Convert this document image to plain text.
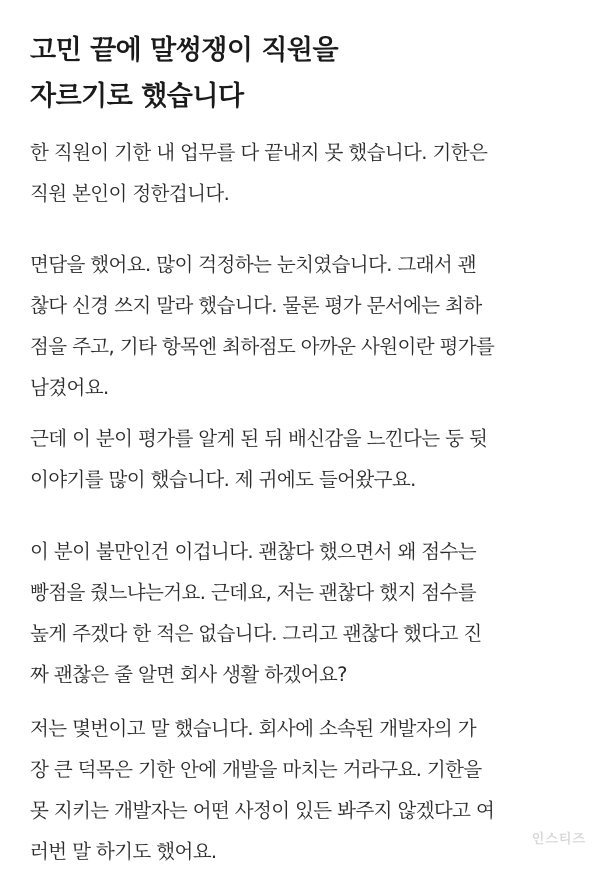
고민 끝에 말썽쟁이 직원을
자르기로 했습니다

한 직원이 기한 내 업무를 다 끝내지 못 했습니다. 기한은
직원 본인이 정한겁니다.

면담을 했어요. 많이 걱정하는 눈치였습니다. 그래서 괜
찮다 신경 쓰지 말라 했습니다. 물론 평가 문서에는 최하
점을 주고, 기타 항목엔 최하점도 아까운 사원이란 평가를
남겼어요.

근데 이 분이 평가를 알게 된 뒤 배신감을 느낀다는 둥 뒷
이야기를 많이 했습니다. 제 귀에도 들어왔구요.

이 분이 불만인건 이겁니다. 괜찮다 했으면서 왜 점수는
빵점을 줬느냐는거요. 근데요, 저는 괜찮다 했지 점수를
높게 주겠다 한 적은 없습니다. 그리고 괜찮다 했다고 진
짜 괜찮은 줄 알면 회사 생활 하겠어요?

저는 몇번이고 말 했습니다. 회사에 소속된 개발자의 가
장 큰 덕목은 기한 안에 개발을 마치는 거라구요. 기한을
못 지키는 개발자는 어떤 사정이 있든 봐주지 않겠다고 여
러번 말 하기도 했어요.

인스티즈
